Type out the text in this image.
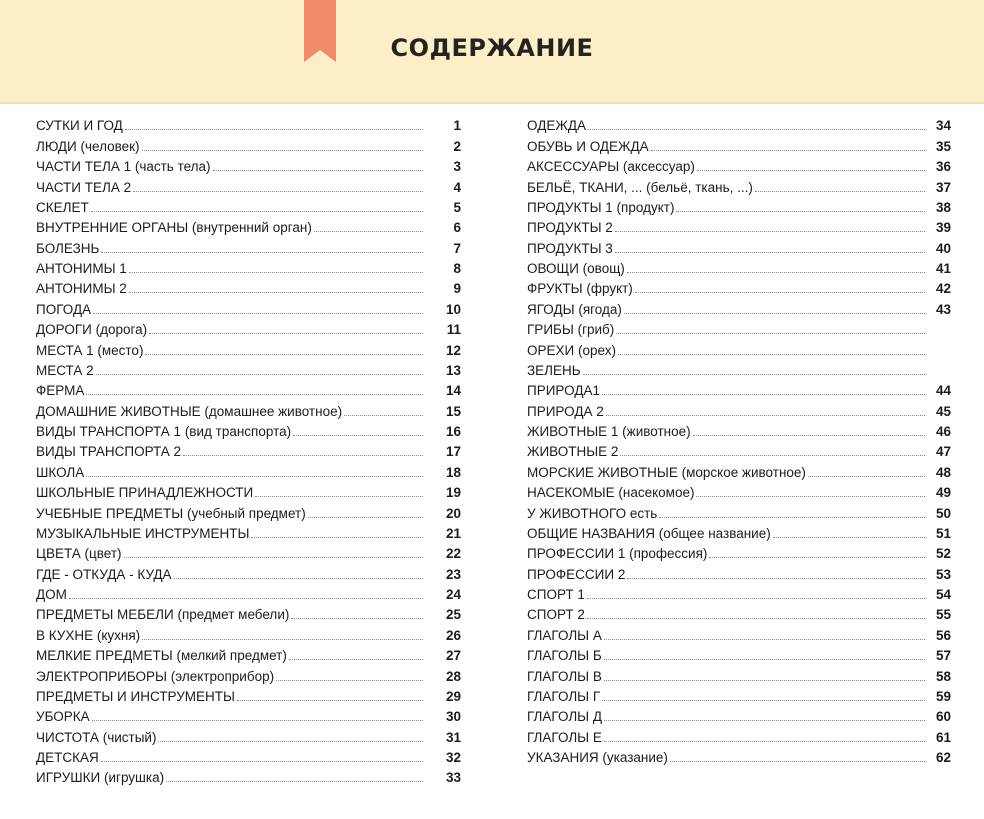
СОДЕРЖАНИЕ
СУТКИ И ГОД	1
ЛЮДИ (человек)	2
ЧАСТИ ТЕЛА 1 (часть тела)	3
ЧАСТИ ТЕЛА 2	4
СКЕЛЕТ	5
ВНУТРЕННИЕ ОРГАНЫ (внутренний орган)	6
БОЛЕЗНЬ	7
АНТОНИМЫ 1	8
АНТОНИМЫ 2	9
ПОГОДА	10
ДОРОГИ (дорога)	11
МЕСТА 1 (место)	12
МЕСТА 2	13
ФЕРМА	14
ДОМАШНИЕ ЖИВОТНЫЕ (домашнее животное)	15
ВИДЫ ТРАНСПОРТА 1 (вид транспорта)	16
ВИДЫ ТРАНСПОРТА 2	17
ШКОЛА	18
ШКОЛЬНЫЕ ПРИНАДЛЕЖНОСТИ	19
УЧЕБНЫЕ ПРЕДМЕТЫ (учебный предмет)	20
МУЗЫКАЛЬНЫЕ ИНСТРУМЕНТЫ	21
ЦВЕТА (цвет)	22
ГДЕ - ОТКУДА - КУДА	23
ДОМ	24
ПРЕДМЕТЫ МЕБЕЛИ (предмет мебели)	25
В КУХНЕ (кухня)	26
МЕЛКИЕ ПРЕДМЕТЫ (мелкий предмет)	27
ЭЛЕКТРОПРИБОРЫ (электроприбор)	28
ПРЕДМЕТЫ И ИНСТРУМЕНТЫ	29
УБОРКА	30
ЧИСТОТА (чистый)	31
ДЕТСКАЯ	32
ИГРУШКИ (игрушка)	33
ОДЕЖДА	34
ОБУВЬ И ОДЕЖДА	35
АКСЕССУАРЫ (аксессуар)	36
БЕЛЬЁ, ТКАНИ, ... (бельё, ткань, ...)	37
ПРОДУКТЫ 1 (продукт)	38
ПРОДУКТЫ 2	39
ПРОДУКТЫ 3	40
ОВОЩИ (овощ)	41
ФРУКТЫ (фрукт)	42
ЯГОДЫ (ягода)	43
ГРИБЫ (гриб)
ОРЕХИ (орех)
ЗЕЛЕНЬ
ПРИРОДА1	44
ПРИРОДА 2	45
ЖИВОТНЫЕ 1 (животное)	46
ЖИВОТНЫЕ 2	47
МОРСКИЕ ЖИВОТНЫЕ (морское животное)	48
НАСЕКОМЫЕ (насекомое)	49
У ЖИВОТНОГО есть	50
ОБЩИЕ НАЗВАНИЯ (общее название)	51
ПРОФЕССИИ 1 (профессия)	52
ПРОФЕССИИ 2	53
СПОРТ 1	54
СПОРТ 2	55
ГЛАГОЛЫ А	56
ГЛАГОЛЫ Б	57
ГЛАГОЛЫ В	58
ГЛАГОЛЫ Г	59
ГЛАГОЛЫ Д	60
ГЛАГОЛЫ Е	61
УКАЗАНИЯ (указание)	62
